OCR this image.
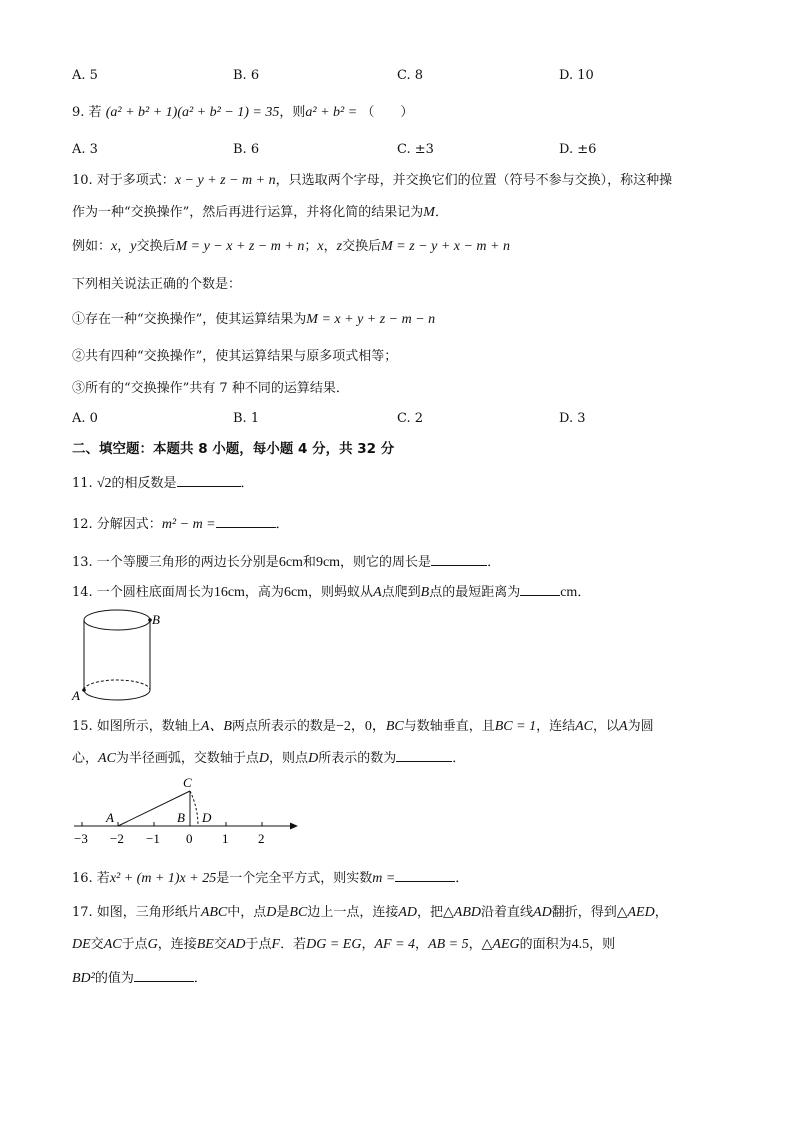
A. 5	B. 6	C. 8	D. 10
9. 若 (a² + b² + 1)(a² + b² − 1) = 35，则a² + b² = （　　）
A. 3	B. 6	C. ±3	D. ±6
10. 对于多项式：x − y + z − m + n，只选取两个字母，并交换它们的位置（符号不参与交换），称这种操
作为一种“交换操作”，然后再进行运算，并将化简的结果记为M．
例如：x，y交换后M = y − x + z − m + n；x，z交换后M = z − y + x − m + n
下列相关说法正确的个数是：
①存在一种“交换操作”，使其运算结果为M = x + y + z − m − n
②共有四种“交换操作”，使其运算结果与原多项式相等；
③所有的“交换操作”共有 7 种不同的运算结果．
A. 0	B. 1	C. 2	D. 3
二、填空题：本题共 8 小题，每小题 4 分，共 32 分
11. √2的相反数是	．
12. 分解因式：m² − m =	．
13. 一个等腰三角形的两边长分别是6cm和9cm，则它的周长是	．
14. 一个圆柱底面周长为16cm，高为6cm，则蚂蚁从A点爬到B点的最短距离为	cm．
B
A
15. 如图所示，数轴上A、B两点所表示的数是−2，0，BC与数轴垂直，且BC = 1，连结AC，以A为圆
心，AC为半径画弧，交数轴于点D，则点D所表示的数为	．
C
A	B D
−3 −2 −1 0 1 2
16. 若x² + (m + 1)x + 25是一个完全平方式，则实数m =	．
17. 如图，三角形纸片ABC中，点D是BC边上一点，连接AD，把△ABD沿着直线AD翻折，得到△AED，
DE交AC于点G，连接BE交AD于点F．若DG = EG，AF = 4，AB = 5，△AEG的面积为4.5，则
BD²的值为	．
